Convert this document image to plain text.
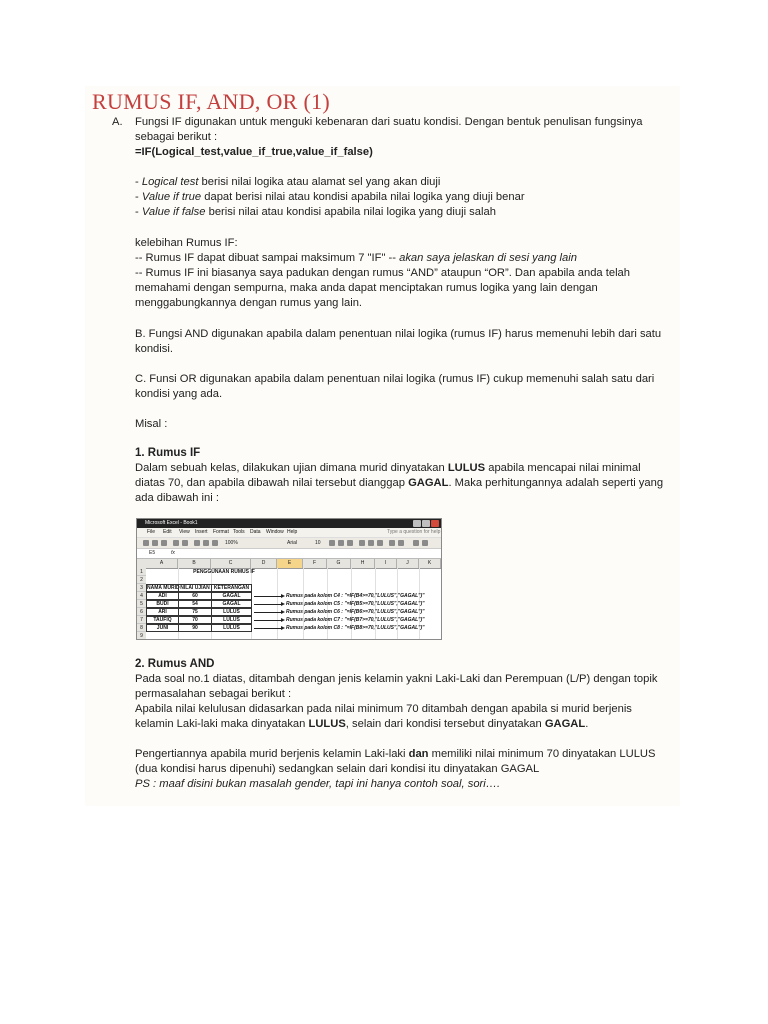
RUMUS IF, AND, OR (1)
A. Fungsi IF digunakan untuk menguki kebenaran dari suatu kondisi. Dengan bentuk penulisan fungsinya
sebagai berikut :
=IF(Logical_test,value_if_true,value_if_false)
- Logical test berisi nilai logika atau alamat sel yang akan diuji
- Value if true dapat berisi nilai atau kondisi apabila nilai logika yang diuji benar
- Value if false berisi nilai atau kondisi apabila nilai logika yang diuji salah
kelebihan Rumus IF:
-- Rumus IF dapat dibuat sampai maksimum 7 "IF" -- akan saya jelaskan di sesi yang lain
-- Rumus IF ini biasanya saya padukan dengan rumus “AND” ataupun “OR”. Dan apabila anda telah
memahami dengan sempurna, maka anda dapat menciptakan rumus logika yang lain dengan
menggabungkannya dengan rumus yang lain.
B. Fungsi AND digunakan apabila dalam penentuan nilai logika (rumus IF) harus memenuhi lebih dari satu
kondisi.
C. Funsi OR digunakan apabila dalam penentuan nilai logika (rumus IF) cukup memenuhi salah satu dari
kondisi yang ada.
Misal :
1. Rumus IF
Dalam sebuah kelas, dilakukan ujian dimana murid dinyatakan LULUS apabila mencapai nilai minimal
diatas 70, dan apabila dibawah nilai tersebut dianggap GAGAL. Maka perhitungannya adalah seperti yang
ada dibawah ini :
Microsoft Excel - Book1
File Edit View Insert Format Tools Data Window Help	Type a question for help
100%	Arial	10
E5	fx
A	B	C	D	E	F	G	H	I	J	K
1
2
3
4
5
6
7
8
9
PENGGUNAAN RUMUS IF
NAMA MURID NILAI UJIAN KETERANGAN
ADI	60	GAGAL	Rumus pada kolom C4 : "=IF(B4>=70,"LULUS","GAGAL")"
BUDI	54	GAGAL	Rumus pada kolom C5 : "=IF(B5>=70,"LULUS","GAGAL")"
ARI	75	LULUS	Rumus pada kolom C6 : "=IF(B6>=70,"LULUS","GAGAL")"
TAUFIQ	70	LULUS	Rumus pada kolom C7 : "=IF(B7>=70,"LULUS","GAGAL")"
JUNI	90	LULUS	Rumus pada kolom C8 : "=IF(B8>=70,"LULUS","GAGAL")"
2. Rumus AND
Pada soal no.1 diatas, ditambah dengan jenis kelamin yakni Laki-Laki dan Perempuan (L/P) dengan topik
permasalahan sebagai berikut :
Apabila nilai kelulusan didasarkan pada nilai minimum 70 ditambah dengan apabila si murid berjenis
kelamin Laki-laki maka dinyatakan LULUS, selain dari kondisi tersebut dinyatakan GAGAL.
Pengertiannya apabila murid berjenis kelamin Laki-laki dan memiliki nilai minimum 70 dinyatakan LULUS
(dua kondisi harus dipenuhi) sedangkan selain dari kondisi itu dinyatakan GAGAL
PS : maaf disini bukan masalah gender, tapi ini hanya contoh soal, sori….
